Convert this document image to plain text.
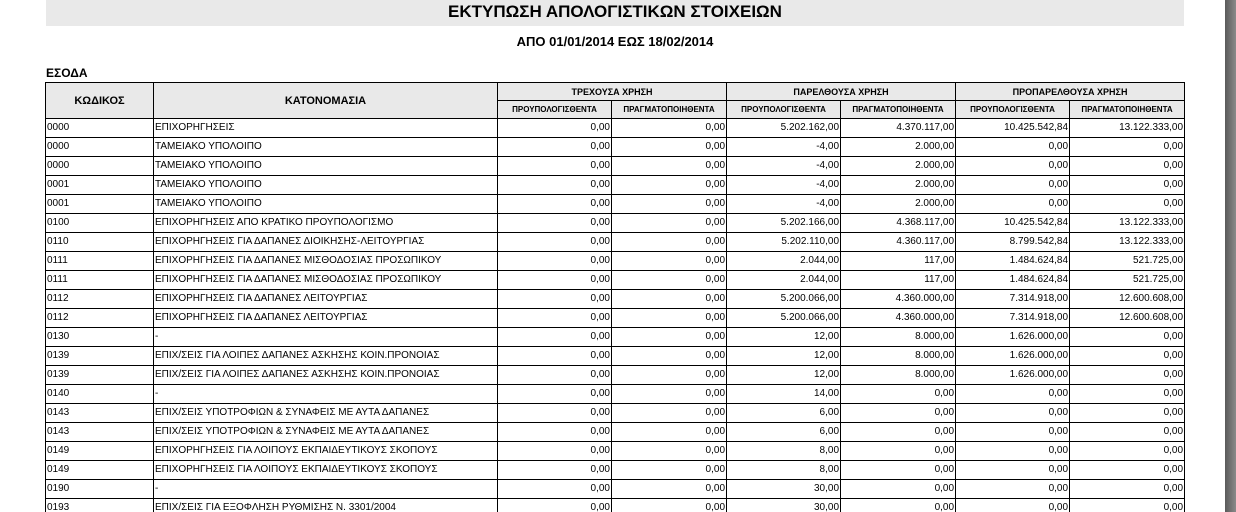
ΕΚΤΥΠΩΣΗ ΑΠΟΛΟΓΙΣΤΙΚΩΝ ΣΤΟΙΧΕΙΩΝ
ΑΠΟ 01/01/2014 ΕΩΣ 18/02/2014
ΕΣΟΔΑ
ΚΩΔΙΚΟΣ	ΚΑΤΟΝΟΜΑΣΙΑ	ΤΡΕΧΟΥΣΑ ΧΡΗΣΗ		ΠΑΡΕΛΘΟΥΣΑ ΧΡΗΣΗ		ΠΡΟΠΑΡΕΛΘΟΥΣΑ ΧΡΗΣΗ	
		ΠΡΟΥΠΟΛΟΓΙΣΘΕΝΤΑ	ΠΡΑΓΜΑΤΟΠΟΙΗΘΕΝΤΑ	ΠΡΟΥΠΟΛΟΓΙΣΘΕΝΤΑ	ΠΡΑΓΜΑΤΟΠΟΙΗΘΕΝΤΑ	ΠΡΟΥΠΟΛΟΓΙΣΘΕΝΤΑ	ΠΡΑΓΜΑΤΟΠΟΙΗΘΕΝΤΑ
0000	ΕΠΙΧΟΡΗΓΗΣΕΙΣ	0,00	0,00	5.202.162,00	4.370.117,00	10.425.542,84	13.122.333,00
0000	ΤΑΜΕΙΑΚΟ ΥΠΟΛΟΙΠΟ	0,00	0,00	-4,00	2.000,00	0,00	0,00
0000	ΤΑΜΕΙΑΚΟ ΥΠΟΛΟΙΠΟ	0,00	0,00	-4,00	2.000,00	0,00	0,00
0001	ΤΑΜΕΙΑΚΟ ΥΠΟΛΟΙΠΟ	0,00	0,00	-4,00	2.000,00	0,00	0,00
0001	ΤΑΜΕΙΑΚΟ ΥΠΟΛΟΙΠΟ	0,00	0,00	-4,00	2.000,00	0,00	0,00
0100	ΕΠΙΧΟΡΗΓΗΣΕΙΣ ΑΠΟ ΚΡΑΤΙΚΟ ΠΡΟΥΠΟΛΟΓΙΣΜΟ	0,00	0,00	5.202.166,00	4.368.117,00	10.425.542,84	13.122.333,00
0110	ΕΠΙΧΟΡΗΓΗΣΕΙΣ ΓΙΑ ΔΑΠΑΝΕΣ ΔΙΟΙΚΗΣΗΣ-ΛΕΙΤΟΥΡΓΙΑΣ	0,00	0,00	5.202.110,00	4.360.117,00	8.799.542,84	13.122.333,00
0111	ΕΠΙΧΟΡΗΓΗΣΕΙΣ ΓΙΑ ΔΑΠΑΝΕΣ ΜΙΣΘΟΔΟΣΙΑΣ ΠΡΟΣΩΠΙΚΟΥ	0,00	0,00	2.044,00	117,00	1.484.624,84	521.725,00
0111	ΕΠΙΧΟΡΗΓΗΣΕΙΣ ΓΙΑ ΔΑΠΑΝΕΣ ΜΙΣΘΟΔΟΣΙΑΣ ΠΡΟΣΩΠΙΚΟΥ	0,00	0,00	2.044,00	117,00	1.484.624,84	521.725,00
0112	ΕΠΙΧΟΡΗΓΗΣΕΙΣ ΓΙΑ ΔΑΠΑΝΕΣ ΛΕΙΤΟΥΡΓΙΑΣ	0,00	0,00	5.200.066,00	4.360.000,00	7.314.918,00	12.600.608,00
0112	ΕΠΙΧΟΡΗΓΗΣΕΙΣ ΓΙΑ ΔΑΠΑΝΕΣ ΛΕΙΤΟΥΡΓΙΑΣ	0,00	0,00	5.200.066,00	4.360.000,00	7.314.918,00	12.600.608,00
0130	-	0,00	0,00	12,00	8.000,00	1.626.000,00	0,00
0139	ΕΠΙΧ/ΣΕΙΣ ΓΙΑ ΛΟΙΠΕΣ ΔΑΠΑΝΕΣ ΑΣΚΗΣΗΣ ΚΟΙΝ.ΠΡΟΝΟΙΑΣ	0,00	0,00	12,00	8.000,00	1.626.000,00	0,00
0139	ΕΠΙΧ/ΣΕΙΣ ΓΙΑ ΛΟΙΠΕΣ ΔΑΠΑΝΕΣ ΑΣΚΗΣΗΣ ΚΟΙΝ.ΠΡΟΝΟΙΑΣ	0,00	0,00	12,00	8.000,00	1.626.000,00	0,00
0140	-	0,00	0,00	14,00	0,00	0,00	0,00
0143	ΕΠΙΧ/ΣΕΙΣ ΥΠΟΤΡΟΦΙΩΝ & ΣΥΝΑΦΕΙΣ ΜΕ ΑΥΤΑ ΔΑΠΑΝΕΣ	0,00	0,00	6,00	0,00	0,00	0,00
0143	ΕΠΙΧ/ΣΕΙΣ ΥΠΟΤΡΟΦΙΩΝ & ΣΥΝΑΦΕΙΣ ΜΕ ΑΥΤΑ ΔΑΠΑΝΕΣ	0,00	0,00	6,00	0,00	0,00	0,00
0149	ΕΠΙΧΟΡΗΓΗΣΕΙΣ ΓΙΑ ΛΟΙΠΟΥΣ ΕΚΠΑΙΔΕΥΤΙΚΟΥΣ ΣΚΟΠΟΥΣ	0,00	0,00	8,00	0,00	0,00	0,00
0149	ΕΠΙΧΟΡΗΓΗΣΕΙΣ ΓΙΑ ΛΟΙΠΟΥΣ ΕΚΠΑΙΔΕΥΤΙΚΟΥΣ ΣΚΟΠΟΥΣ	0,00	0,00	8,00	0,00	0,00	0,00
0190	-	0,00	0,00	30,00	0,00	0,00	0,00
0193	ΕΠΙΧ/ΣΕΙΣ ΓΙΑ ΕΞΟΦΛΗΣΗ ΡΥΘΜΙΣΗΣ Ν. 3301/2004	0,00	0,00	30,00	0,00	0,00	0,00
